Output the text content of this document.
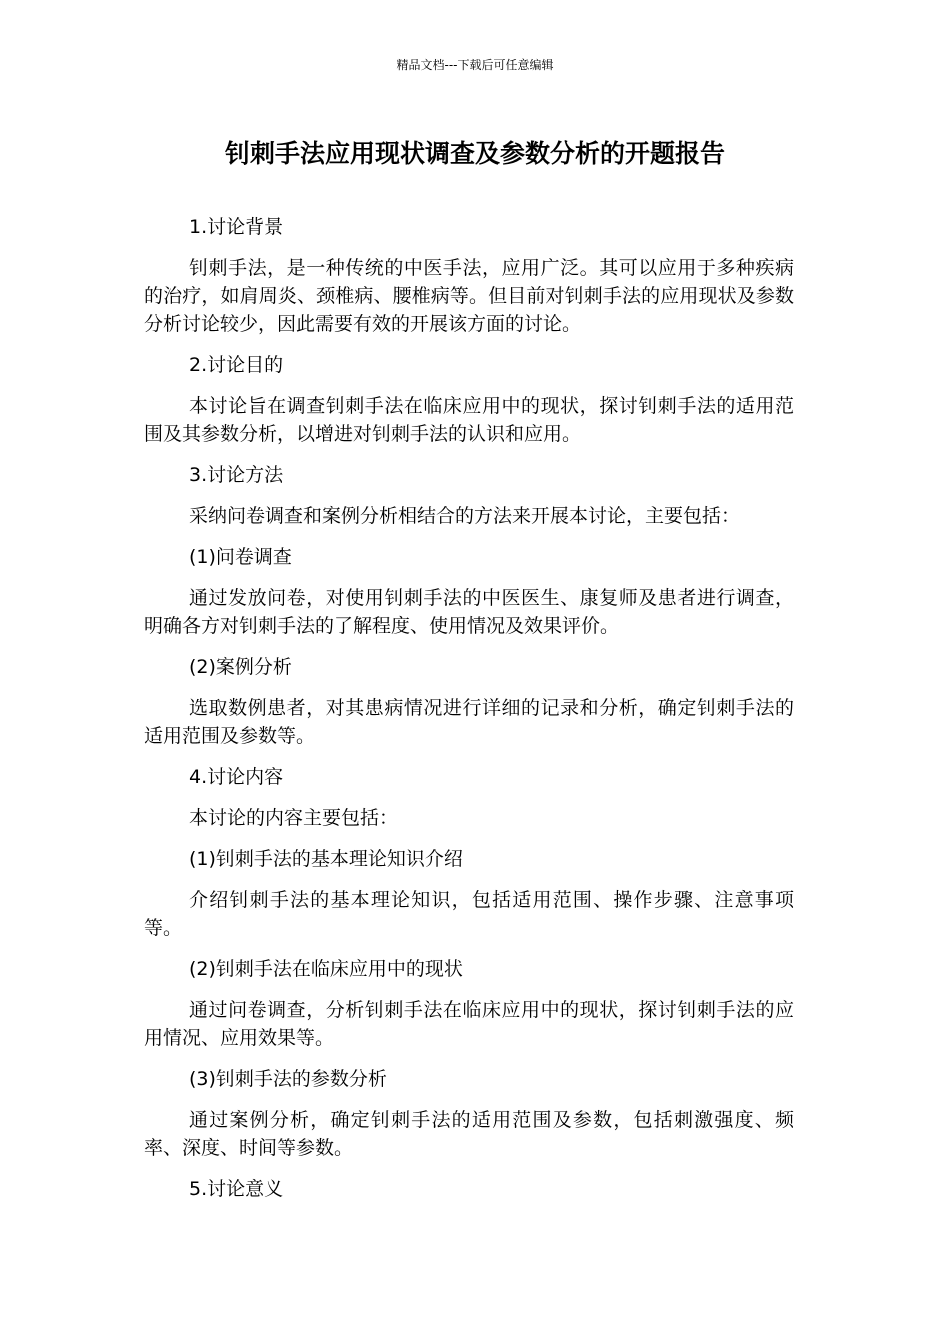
精品文档---下载后可任意编辑
钊刺手法应用现状调查及参数分析的开题报告

1.讨论背景

钊刺手法，是一种传统的中医手法，应用广泛。其可以应用于多种疾病的治疗，如肩周炎、颈椎病、腰椎病等。但目前对钊刺手法的应用现状及参数分析讨论较少，因此需要有效的开展该方面的讨论。

2.讨论目的

本讨论旨在调查钊刺手法在临床应用中的现状，探讨钊刺手法的适用范围及其参数分析，以增进对钊刺手法的认识和应用。

3.讨论方法

采纳问卷调查和案例分析相结合的方法来开展本讨论，主要包括：

(1)问卷调查

通过发放问卷，对使用钊刺手法的中医医生、康复师及患者进行调查，明确各方对钊刺手法的了解程度、使用情况及效果评价。

(2)案例分析

选取数例患者，对其患病情况进行详细的记录和分析，确定钊刺手法的适用范围及参数等。

4.讨论内容

本讨论的内容主要包括：

(1)钊刺手法的基本理论知识介绍

介绍钊刺手法的基本理论知识，包括适用范围、操作步骤、注意事项等。

(2)钊刺手法在临床应用中的现状

通过问卷调查，分析钊刺手法在临床应用中的现状，探讨钊刺手法的应用情况、应用效果等。

(3)钊刺手法的参数分析

通过案例分析，确定钊刺手法的适用范围及参数，包括刺激强度、频率、深度、时间等参数。

5.讨论意义
